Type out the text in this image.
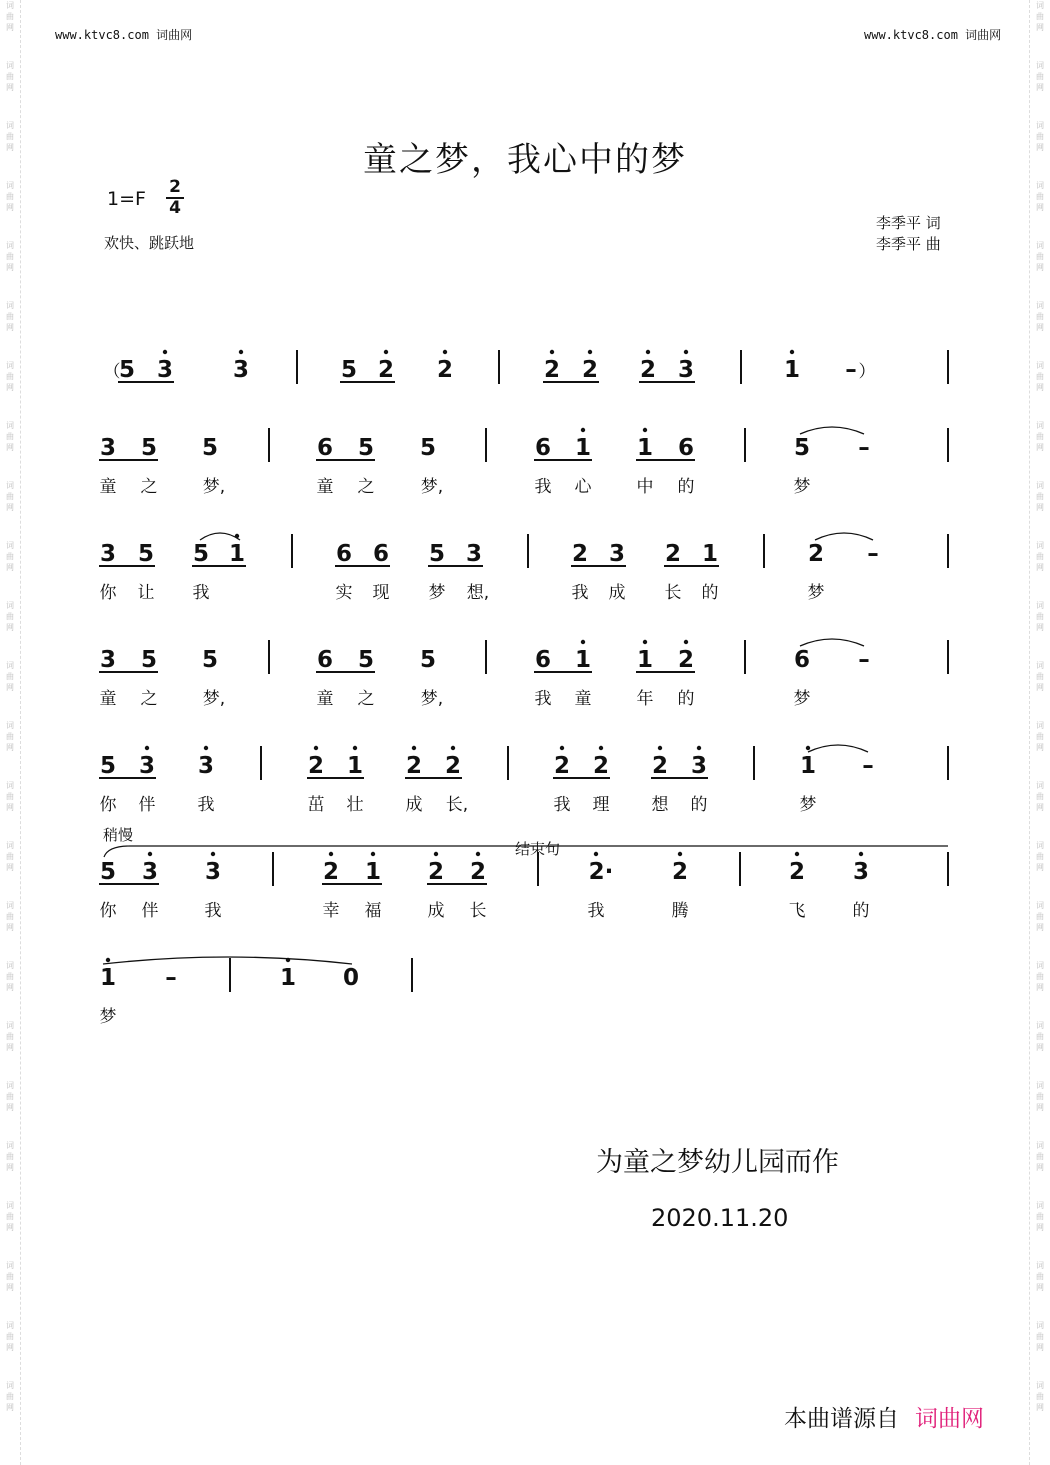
词
曲
网
词
曲
网
词
曲
网
词
曲
网
词
曲
网
词
曲
网
词
曲
网
词
曲
网
词
曲
网
词
曲
网
词
曲
网
词
曲
网
词
曲
网
词
曲
网
词
曲
网
词
曲
网
词
曲
网
词
曲
网
词
曲
网
词
曲
网
词
曲
网
词
曲
网
词
曲
网
词
曲
网
词
曲
网
词
曲
网
词
曲
网
词
曲
网
词
曲
网
词
曲
网
词
曲
网
词
曲
网
词
曲
网
词
曲
网
词
曲
网
词
曲
网
词
曲
网
词
曲
网
词
曲
网
词
曲
网
词
曲
网
词
曲
网
词
曲
网
词
曲
网
词
曲
网
词
曲
网
词
曲
网
词
曲
网
www.ktvc8.com 词曲网	www.ktvc8.com 词曲网
童之梦，我心中的梦
1=F
2
4
欢快、跳跃地
李季平 词
李季平 曲
稍慢
结束句
5 3	3	5 2 2	2 2 2 3	1 –
3 5 5	6 5 5	6 1 1 6	5 –
童 之	梦,	童 之	梦,	我 心	中 的	梦
3 5 5 1	6 6 5 3	2 3 2 1	2 –
你 让 我	实 现 梦 想,	我 成 长 的	梦
3 5 5	6 5 5	6 1 1 2	6 –
童 之	梦,	童 之	梦,	我 童	年 的	梦
5 3 3	2 1 2 2	2 2 2 3	1 –
你 伴 我	茁 壮 成 长,	我 理 想 的	梦
5 3 3	2 1 2 2	2·	2	2 3
你 伴	我	幸 福	成 长	我	腾	飞	的
1 –	1 0
梦
（	）
为童之梦幼儿园而作
2020.11.20
本曲谱源自 词曲网
